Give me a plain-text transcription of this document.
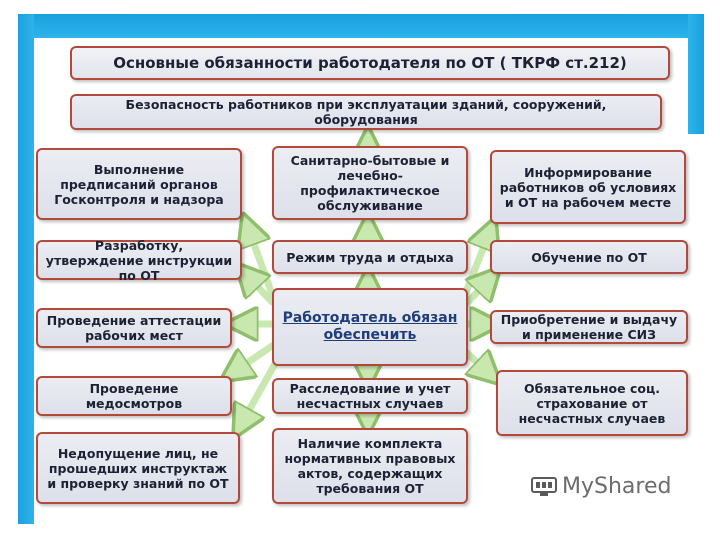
Основные обязанности работодателя по ОТ ( ТКРФ ст.212)
Безопасность работников при эксплуатации зданий, сооружений, оборудования
Выполнение предписаний органов Госконтроля и надзора
Разработку, утверждение инструкции по ОТ
Проведение аттестации рабочих мест
Проведение медосмотров
Недопущение лиц, не прошедших инструктаж и проверку знаний по ОТ
Санитарно-бытовые и лечебно-профилактическое обслуживание
Режим труда и отдыха
Работодатель обязан обеспечить
Расследование и учет несчастных случаев
Наличие комплекта нормативных правовых актов, содержащих требования ОТ
Информирование работников об условиях и ОТ на рабочем месте
Обучение по ОТ
Приобретение и выдачу и применение СИЗ
Обязательное соц. страхование от несчастных случаев
MyShared
